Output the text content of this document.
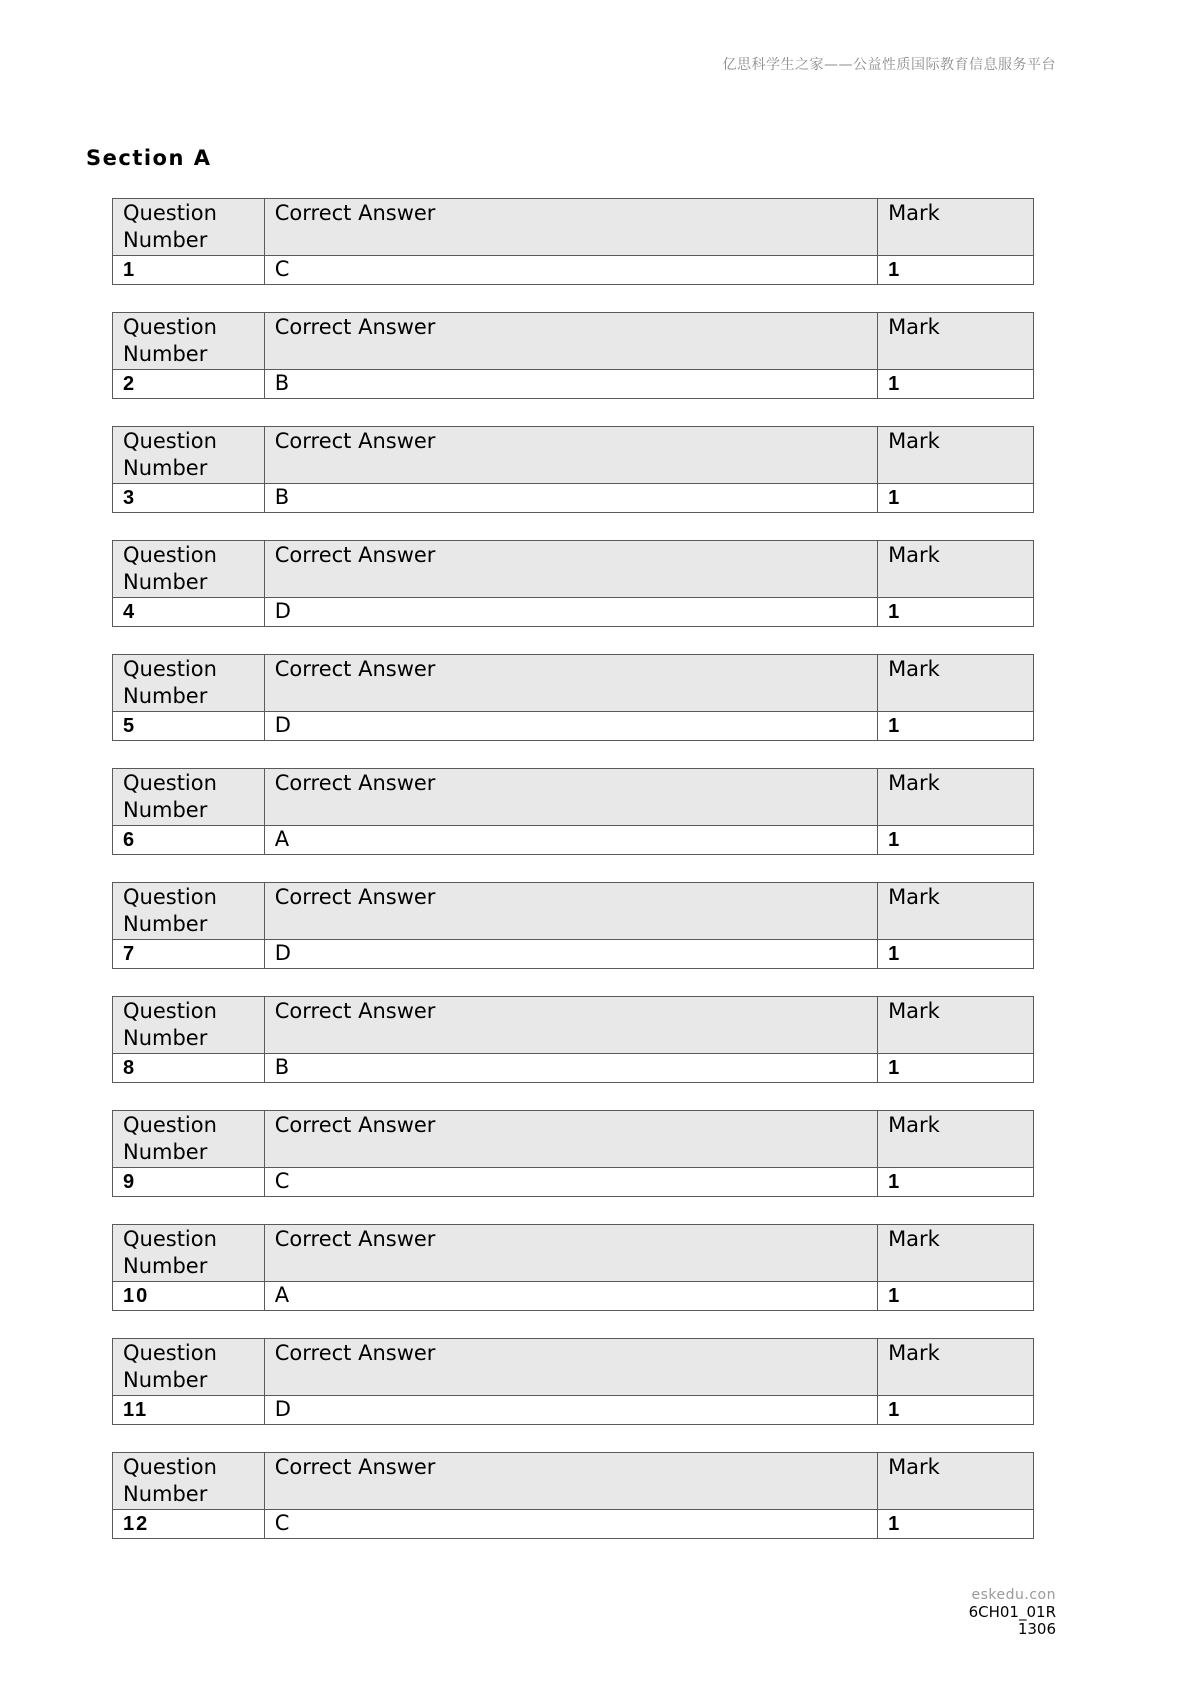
亿思科学生之家——公益性质国际教育信息服务平台
Section A
Question
Number	Correct Answer	Mark
1	C	1
Question
Number	Correct Answer	Mark
2	B	1
Question
Number	Correct Answer	Mark
3	B	1
Question
Number	Correct Answer	Mark
4	D	1
Question
Number	Correct Answer	Mark
5	D	1
Question
Number	Correct Answer	Mark
6	A	1
Question
Number	Correct Answer	Mark
7	D	1
Question
Number	Correct Answer	Mark
8	B	1
Question
Number	Correct Answer	Mark
9	C	1
Question
Number	Correct Answer	Mark
10	A	1
Question
Number	Correct Answer	Mark
11	D	1
Question
Number	Correct Answer	Mark
12	C	1
eskedu.con
6CH01_01R
1306
